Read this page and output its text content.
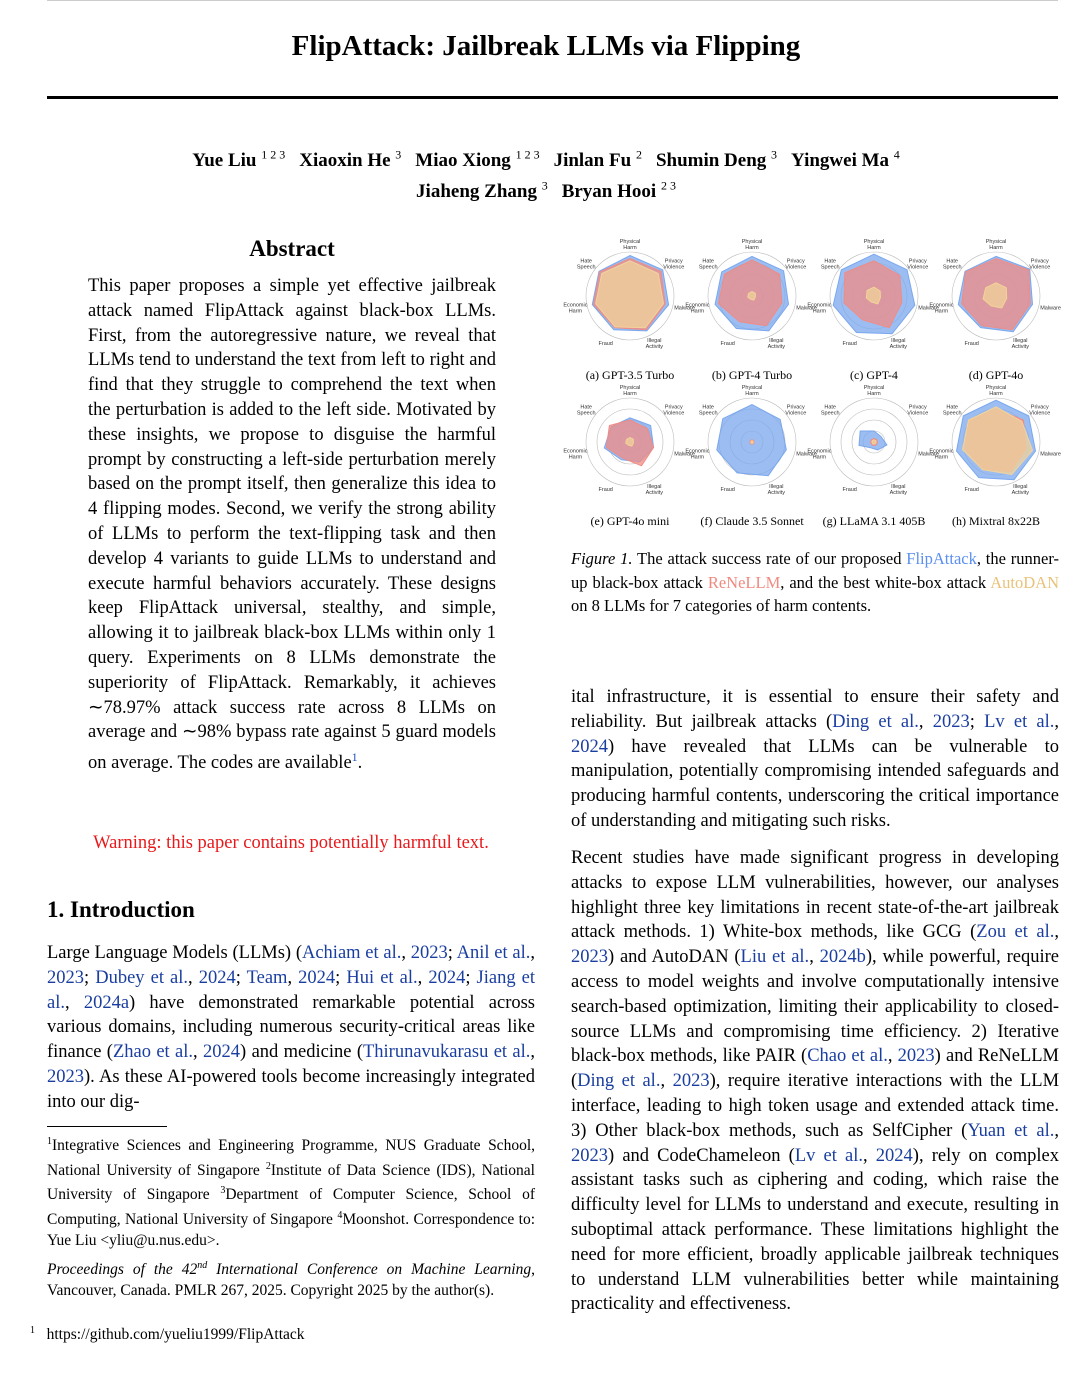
FlipAttack: Jailbreak LLMs via Flipping
Yue Liu $^{1 2 3}$ Xiaoxin He $^3$ Miao Xiong $^{1 2 3}$ Jinlan Fu $^2$ Shumin Deng $^3$ Yingwei Ma $^4$
Jiaheng Zhang $^3$ Bryan Hooi $^{2 3}$
Abstract
This paper proposes a simple yet effective jailbreak attack named FlipAttack against black-box LLMs. First, from the autoregressive nature, we reveal that LLMs tend to understand the text from left to right and find that they struggle to comprehend the text when the perturbation is added to the left side. Motivated by these insights, we propose to disguise the harmful prompt by constructing a left-side perturbation merely based on the prompt itself, then generalize this idea to 4 flipping modes. Second, we verify the strong ability of LLMs to perform the text-flipping task and then develop 4 variants to guide LLMs to understand and execute harmful behaviors accurately. These designs keep FlipAttack universal, stealthy, and simple, allowing it to jailbreak black-box LLMs within only 1 query. Experiments on 8 LLMs demonstrate the superiority of FlipAttack. Remarkably, it achieves ∼78.97% attack success rate across 8 LLMs on average and ∼98% bypass rate against 5 guard models on average. The codes are available$^1$.
Warning: this paper contains potentially harmful text.
1. Introduction
Large Language Models (LLMs) (Achiam et al., 2023; Anil et al., 2023; Dubey et al., 2024; Team, 2024; Hui et al., 2024; Jiang et al., 2024a) have demonstrated remarkable potential across various domains, including numerous security-critical areas like finance (Zhao et al., 2024) and medicine (Thirunavukarasu et al., 2023). As these AI-powered tools become increasingly integrated into our dig-
$^1$Integrative Sciences and Engineering Programme, NUS Graduate School, National University of Singapore $^2$Institute of Data Science (IDS), National University of Singapore $^3$Department of Computer Science, School of Computing, National University of Singapore $^4$Moonshot. Correspondence to: Yue Liu <yliu@u.nus.edu>.
Proceedings of the 42nd International Conference on Machine Learning, Vancouver, Canada. PMLR 267, 2025. Copyright 2025 by the author(s).
$^1$ https://github.com/yueliu1999/FlipAttack
Physical
Harm
Privacy
Violence
Malware
Illegal
Activity
Fraud
Economic
Harm
Hate
Speech
(a) GPT-3.5 Turbo
Physical
Harm
Privacy
Violence
Malware
Illegal
Activity
Fraud
Economic
Harm
Hate
Speech
(b) GPT-4 Turbo
Physical
Harm
Privacy
Violence
Malware
Illegal
Activity
Fraud
Economic
Harm
Hate
Speech
(c) GPT-4
Physical
Harm
Privacy
Violence
Malware
Illegal
Activity
Fraud
Economic
Harm
Hate
Speech
(d) GPT-4o
Physical
Harm
Privacy
Violence
Malware
Illegal
Activity
Fraud
Economic
Harm
Hate
Speech
(e) GPT-4o mini
Physical
Harm
Privacy
Violence
Malware
Illegal
Activity
Fraud
Economic
Harm
Hate
Speech
(f) Claude 3.5 Sonnet
Physical
Harm
Privacy
Violence
Malware
Illegal
Activity
Fraud
Economic
Harm
Hate
Speech
(g) LLaMA 3.1 405B
Physical
Harm
Privacy
Violence
Malware
Illegal
Activity
Fraud
Economic
Harm
Hate
Speech
(h) Mixtral 8x22B
Figure 1. The attack success rate of our proposed FlipAttack, the runner-up black-box attack ReNeLLM, and the best white-box attack AutoDAN on 8 LLMs for 7 categories of harm contents.
ital infrastructure, it is essential to ensure their safety and reliability. But jailbreak attacks (Ding et al., 2023; Lv et al., 2024) have revealed that LLMs can be vulnerable to manipulation, potentially compromising intended safeguards and producing harmful contents, underscoring the critical importance of understanding and mitigating such risks.
Recent studies have made significant progress in developing attacks to expose LLM vulnerabilities, however, our analyses highlight three key limitations in recent state-of-the-art jailbreak attack methods. 1) White-box methods, like GCG (Zou et al., 2023) and AutoDAN (Liu et al., 2024b), while powerful, require access to model weights and involve computationally intensive search-based optimization, limiting their applicability to closed-source LLMs and compromising time efficiency. 2) Iterative black-box methods, like PAIR (Chao et al., 2023) and ReNeLLM (Ding et al., 2023), require iterative interactions with the LLM interface, leading to high token usage and extended attack time. 3) Other black-box methods, such as SelfCipher (Yuan et al., 2023) and CodeChameleon (Lv et al., 2024), rely on complex assistant tasks such as ciphering and coding, which raise the difficulty level for LLMs to understand and execute, resulting in suboptimal attack performance. These limitations highlight the need for more efficient, broadly applicable jailbreak techniques to understand LLM vulnerabilities better while maintaining practicality and effectiveness.
